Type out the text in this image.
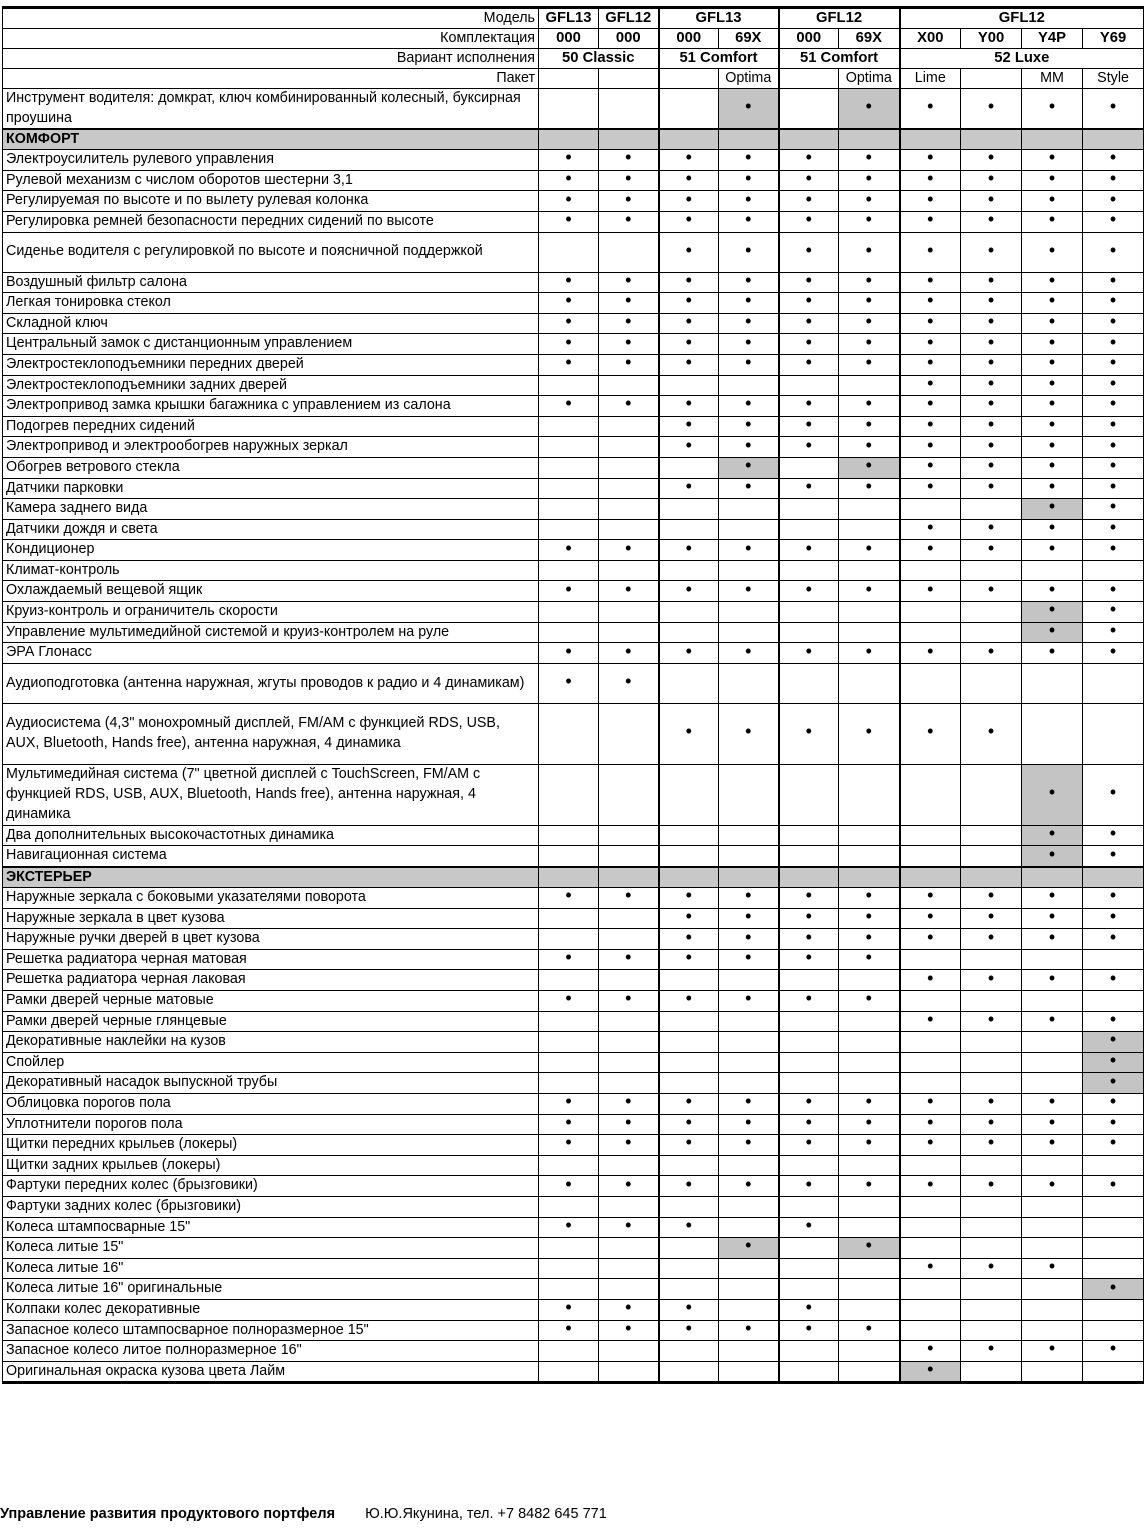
Модель	GFL13	GFL12	GFL13		GFL12		GFL12			
Комплектация	000	000	000	69X	000	69X	X00	Y00	Y4P	Y69
Вариант исполнения	50 Classic		51 Comfort		51 Comfort		52 Luxe			
Пакет				Optima		Optima	Lime		MM	Style
Инструмент водителя: домкрат, ключ комбинированный колесный, буксирная проушина				•		•	•	•	•	•
КОМФОРТ										
Электроусилитель рулевого управления	•	•	•	•	•	•	•	•	•	•
Рулевой механизм с числом оборотов шестерни 3,1	•	•	•	•	•	•	•	•	•	•
Регулируемая по высоте и по вылету рулевая колонка	•	•	•	•	•	•	•	•	•	•
Регулировка ремней безопасности передних сидений по высоте	•	•	•	•	•	•	•	•	•	•
Сиденье водителя с регулировкой по высоте и поясничной поддержкой			•	•	•	•	•	•	•	•
Воздушный фильтр салона	•	•	•	•	•	•	•	•	•	•
Легкая тонировка стекол	•	•	•	•	•	•	•	•	•	•
Складной ключ	•	•	•	•	•	•	•	•	•	•
Центральный замок с дистанционным управлением	•	•	•	•	•	•	•	•	•	•
Электростеклоподъемники передних дверей	•	•	•	•	•	•	•	•	•	•
Электростеклоподъемники задних дверей							•	•	•	•
Электропривод замка крышки багажника с управлением из салона	•	•	•	•	•	•	•	•	•	•
Подогрев передних сидений			•	•	•	•	•	•	•	•
Электропривод и электрообогрев наружных зеркал			•	•	•	•	•	•	•	•
Обогрев ветрового стекла				•		•	•	•	•	•
Датчики парковки			•	•	•	•	•	•	•	•
Камера заднего вида									•	•
Датчики дождя и света							•	•	•	•
Кондиционер	•	•	•	•	•	•	•	•	•	•
Климат-контроль										
Охлаждаемый вещевой ящик	•	•	•	•	•	•	•	•	•	•
Круиз-контроль и ограничитель скорости									•	•
Управление мультимедийной системой и круиз-контролем на руле									•	•
ЭРА Глонасс	•	•	•	•	•	•	•	•	•	•
Аудиоподготовка (антенна наружная, жгуты проводов к радио и 4 динамикам)	•	•								
Аудиосистема (4,3" монохромный дисплей, FM/AM с функцией RDS, USB, AUX, Bluetooth, Hands free), антенна наружная, 4 динамика			•	•	•	•	•	•		
Мультимедийная система (7" цветной дисплей с TouchScreen, FM/AM с функцией RDS, USB, AUX, Bluetooth, Hands free), антенна наружная, 4 динамика									•	•
Два дополнительных высокочастотных динамика									•	•
Навигационная система									•	•
ЭКСТЕРЬЕР										
Наружные зеркала с боковыми указателями поворота	•	•	•	•	•	•	•	•	•	•
Наружные зеркала в цвет кузова			•	•	•	•	•	•	•	•
Наружные ручки дверей в цвет кузова			•	•	•	•	•	•	•	•
Решетка радиатора черная матовая	•	•	•	•	•	•				
Решетка радиатора черная лаковая							•	•	•	•
Рамки дверей черные матовые	•	•	•	•	•	•				
Рамки дверей черные глянцевые							•	•	•	•
Декоративные наклейки на кузов										•
Спойлер										•
Декоративный насадок выпускной трубы										•
Облицовка порогов пола	•	•	•	•	•	•	•	•	•	•
Уплотнители порогов пола	•	•	•	•	•	•	•	•	•	•
Щитки передних крыльев (локеры)	•	•	•	•	•	•	•	•	•	•
Щитки задних крыльев (локеры)										
Фартуки передних колес (брызговики)	•	•	•	•	•	•	•	•	•	•
Фартуки задних колес (брызговики)										
Колеса штампосварные 15"	•	•	•		•					
Колеса литые 15"				•		•				
Колеса литые 16"							•	•	•	
Колеса литые 16" оригинальные										•
Колпаки колес декоративные	•	•	•		•					
Запасное колесо штампосварное полноразмерное 15"	•	•	•	•	•	•				
Запасное колесо литое полноразмерное 16"							•	•	•	•
Оригинальная окраска кузова цвета Лайм							•			
Управление развития продуктового портфеля Ю.Ю.Якунина, тел. +7 8482 645 771
